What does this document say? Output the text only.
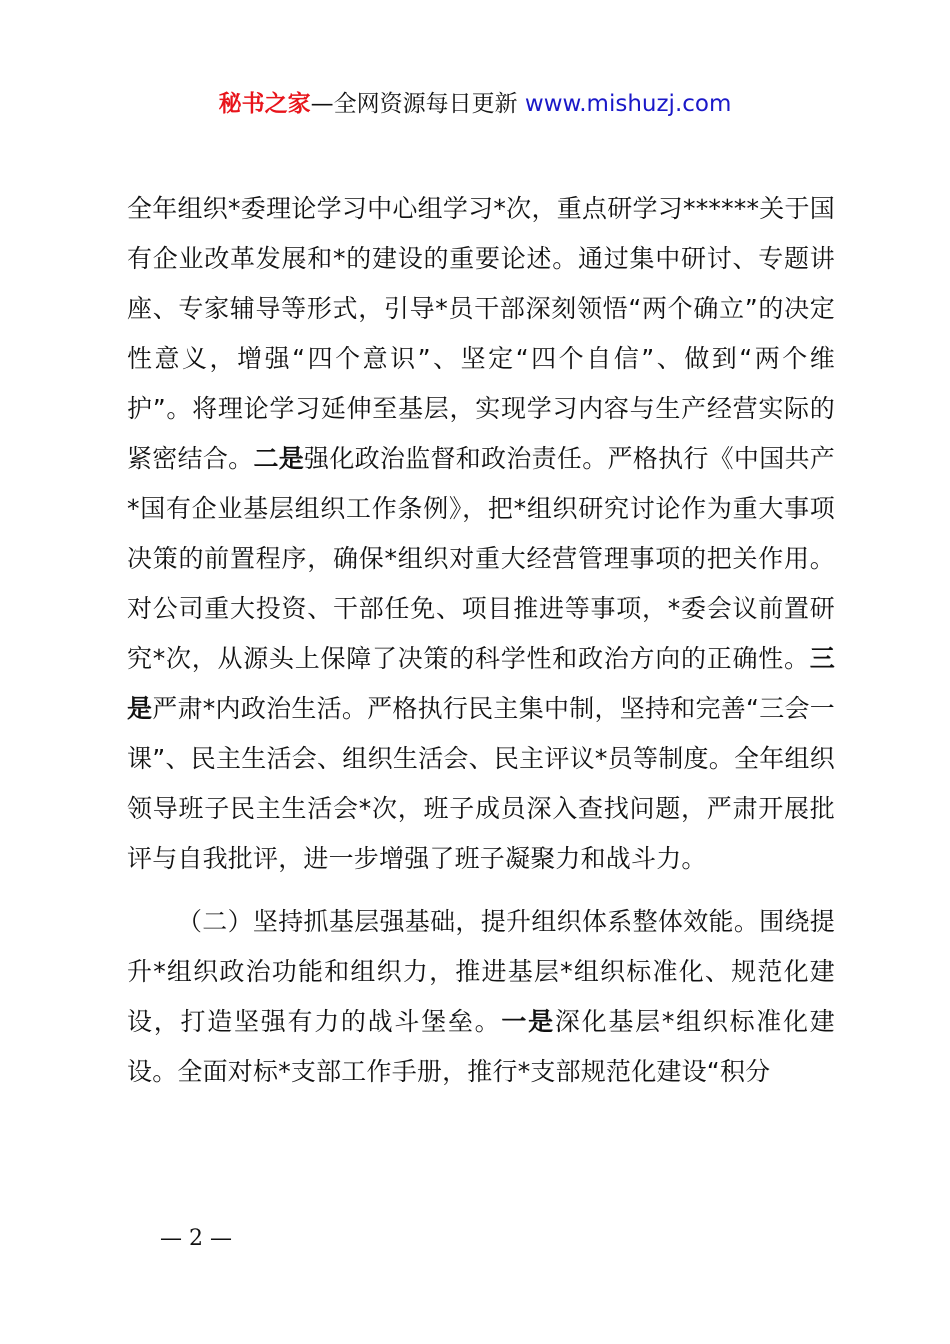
秘书之家—全网资源每日更新 www.mishuzj.com

全年组织*委理论学习中心组学习*次，重点研学习******关于国有企业改革发展和*的建设的重要论述。通过集中研讨、专题讲座、专家辅导等形式，引导*员干部深刻领悟“两个确立”的决定性意义，增强“四个意识”、坚定“四个自信”、做到“两个维护”。将理论学习延伸至基层，实现学习内容与生产经营实际的紧密结合。二是强化政治监督和政治责任。严格执行《中国共产*国有企业基层组织工作条例》，把*组织研究讨论作为重大事项决策的前置程序，确保*组织对重大经营管理事项的把关作用。对公司重大投资、干部任免、项目推进等事项，*委会议前置研究*次，从源头上保障了决策的科学性和政治方向的正确性。三是严肃*内政治生活。严格执行民主集中制，坚持和完善“三会一课”、民主生活会、组织生活会、民主评议*员等制度。全年组织领导班子民主生活会*次，班子成员深入查找问题，严肃开展批评与自我批评，进一步增强了班子凝聚力和战斗力。

（二）坚持抓基层强基础，提升组织体系整体效能。围绕提升*组织政治功能和组织力，推进基层*组织标准化、规范化建设，打造坚强有力的战斗堡垒。一是深化基层*组织标准化建设。全面对标*支部工作手册，推行*支部规范化建设“积分

— 2 —
